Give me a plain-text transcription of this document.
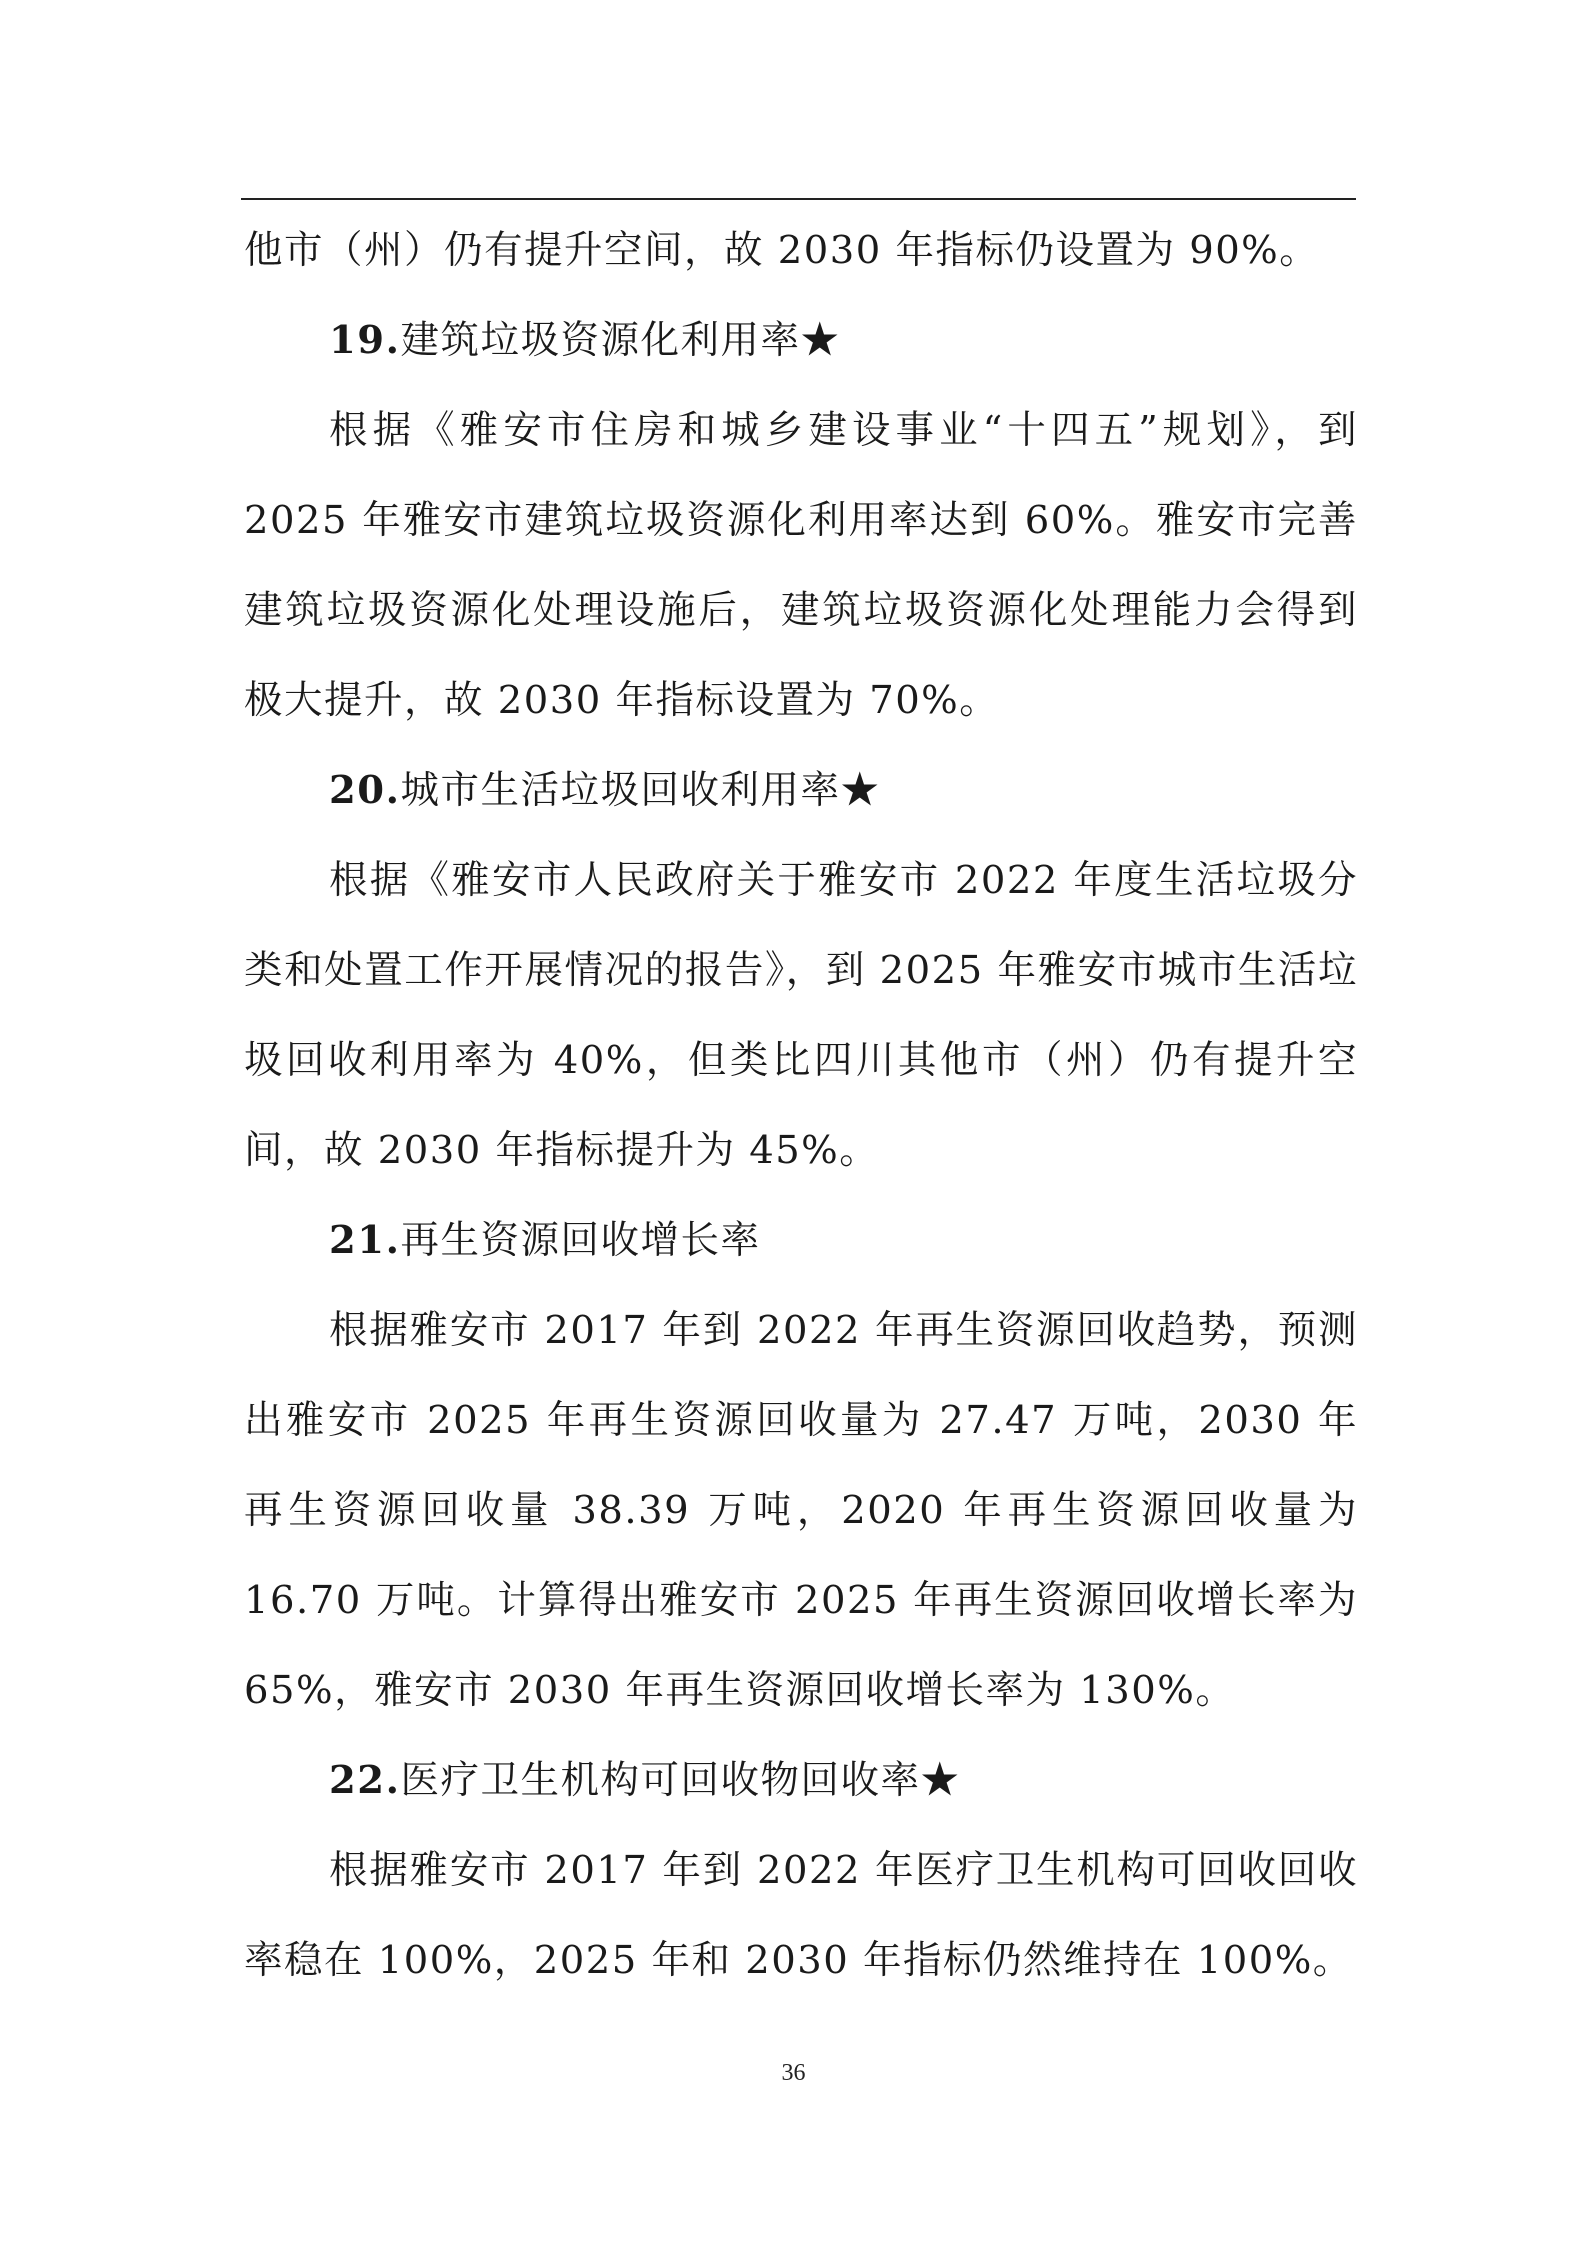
他市（州）仍有提升空间，故 2030 年指标仍设置为 90%。

19.建筑垃圾资源化利用率★

根据《雅安市住房和城乡建设事业“十四五”规划》，到 2025 年雅安市建筑垃圾资源化利用率达到 60%。雅安市完善建筑垃圾资源化处理设施后，建筑垃圾资源化处理能力会得到极大提升，故 2030 年指标设置为 70%。

20.城市生活垃圾回收利用率★

根据《雅安市人民政府关于雅安市 2022 年度生活垃圾分类和处置工作开展情况的报告》，到 2025 年雅安市城市生活垃圾回收利用率为 40%，但类比四川其他市（州）仍有提升空间，故 2030 年指标提升为 45%。

21.再生资源回收增长率

根据雅安市 2017 年到 2022 年再生资源回收趋势，预测出雅安市 2025 年再生资源回收量为 27.47 万吨，2030 年再生资源回收量 38.39 万吨，2020 年再生资源回收量为 16.70 万吨。计算得出雅安市 2025 年再生资源回收增长率为 65%，雅安市 2030 年再生资源回收增长率为 130%。

22.医疗卫生机构可回收物回收率★

根据雅安市 2017 年到 2022 年医疗卫生机构可回收回收率稳在 100%，2025 年和 2030 年指标仍然维持在 100%。

36
